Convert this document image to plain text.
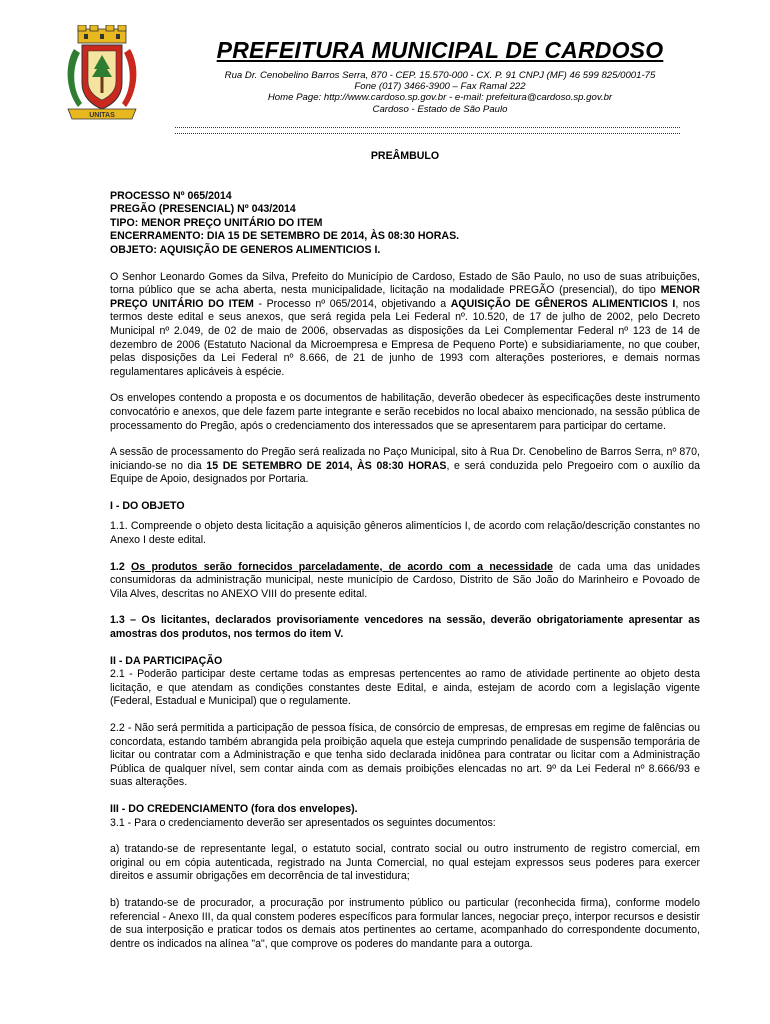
UNITAS
PREFEITURA MUNICIPAL DE CARDOSO
Rua Dr. Cenobelino Barros Serra, 870 - CEP. 15.570-000 - CX. P. 91 CNPJ (MF) 46 599 825/0001-75
Fone (017) 3466-3900 – Fax Ramal 222
Home Page: http://www.cardoso.sp.gov.br - e-mail: prefeitura@cardoso.sp.gov.br
Cardoso - Estado de São Paulo
PREÂMBULO
PROCESSO Nº 065/2014
PREGÃO (PRESENCIAL) Nº 043/2014
TIPO: MENOR PREÇO UNITÁRIO DO ITEM
ENCERRAMENTO: DIA 15 DE SETEMBRO DE 2014, ÀS 08:30 HORAS.
OBJETO: AQUISIÇÃO DE GENEROS ALIMENTICIOS I.

O Senhor Leonardo Gomes da Silva, Prefeito do Município de Cardoso, Estado de São Paulo, no uso de suas atribuições, torna público que se acha aberta, nesta municipalidade, licitação na modalidade PREGÃO (presencial), do tipo MENOR PREÇO UNITÁRIO DO ITEM - Processo nº 065/2014, objetivando a AQUISIÇÃO DE GÊNEROS ALIMENTICIOS I, nos termos deste edital e seus anexos, que será regida pela Lei Federal nº. 10.520, de 17 de julho de 2002, pelo Decreto Municipal nº 2.049, de 02 de maio de 2006, observadas as disposições da Lei Complementar Federal nº 123 de 14 de dezembro de 2006 (Estatuto Nacional da Microempresa e Empresa de Pequeno Porte) e subsidiariamente, no que couber, pelas disposições da Lei Federal nº 8.666, de 21 de junho de 1993 com alterações posteriores, e demais normas regulamentares aplicáveis à espécie.

Os envelopes contendo a proposta e os documentos de habilitação, deverão obedecer às especificações deste instrumento convocatório e anexos, que dele fazem parte integrante e serão recebidos no local abaixo mencionado, na sessão pública de processamento do Pregão, após o credenciamento dos interessados que se apresentarem para participar do certame.

A sessão de processamento do Pregão será realizada no Paço Municipal, sito à Rua Dr. Cenobelino de Barros Serra, nº 870, iniciando-se no dia 15 DE SETEMBRO DE 2014, ÀS 08:30 HORAS, e será conduzida pelo Pregoeiro com o auxílio da Equipe de Apoio, designados por Portaria.

I - DO OBJETO

1.1. Compreende o objeto desta licitação a aquisição gêneros alimentícios I, de acordo com relação/descrição constantes no Anexo I deste edital.

1.2 Os produtos serão fornecidos parceladamente, de acordo com a necessidade de cada uma das unidades consumidoras da administração municipal, neste município de Cardoso, Distrito de São João do Marinheiro e Povoado de Vila Alves, descritas no ANEXO VIII do presente edital.

1.3 – Os licitantes, declarados provisoriamente vencedores na sessão, deverão obrigatoriamente apresentar as amostras dos produtos, nos termos do item V.

II - DA PARTICIPAÇÃO

2.1 - Poderão participar deste certame todas as empresas pertencentes ao ramo de atividade pertinente ao objeto desta licitação, e que atendam as condições constantes deste Edital, e ainda, estejam de acordo com a legislação vigente (Federal, Estadual e Municipal) que o regulamente.

2.2 - Não será permitida a participação de pessoa física, de consórcio de empresas, de empresas em regime de falências ou concordata, estando também abrangida pela proibição aquela que esteja cumprindo penalidade de suspensão temporária de licitar ou contratar com a Administração e que tenha sido declarada inidônea para contratar ou licitar com a Administração Pública de qualquer nível, sem contar ainda com as demais proibições elencadas no art. 9º da Lei Federal nº 8.666/93 e suas alterações.

III - DO CREDENCIAMENTO (fora dos envelopes).

3.1 - Para o credenciamento deverão ser apresentados os seguintes documentos:

a) tratando-se de representante legal, o estatuto social, contrato social ou outro instrumento de registro comercial, em original ou em cópia autenticada, registrado na Junta Comercial, no qual estejam expressos seus poderes para exercer direitos e assumir obrigações em decorrência de tal investidura;

b) tratando-se de procurador, a procuração por instrumento público ou particular (reconhecida firma), conforme modelo referencial - Anexo III, da qual constem poderes específicos para formular lances, negociar preço, interpor recursos e desistir de sua interposição e praticar todos os demais atos pertinentes ao certame, acompanhado do correspondente documento, dentre os indicados na alínea "a", que comprove os poderes do mandante para a outorga.
